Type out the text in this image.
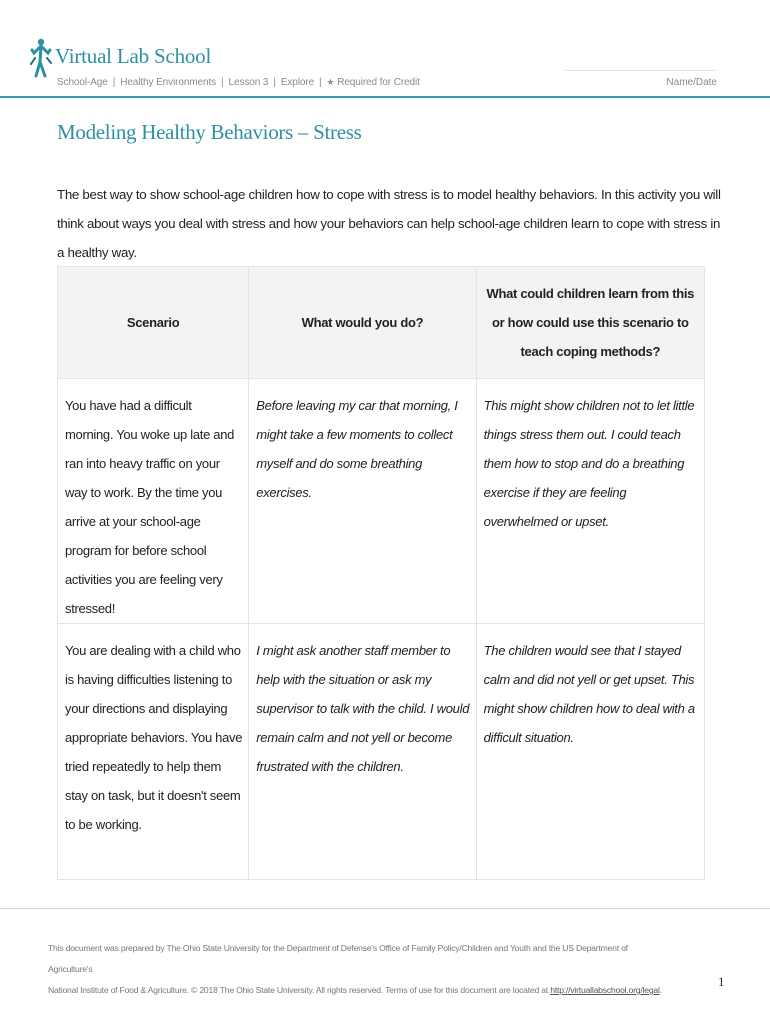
Virtual Lab School
School-Age | Healthy Environments | Lesson 3 | Explore | ★ Required for Credit	Name/Date
Modeling Healthy Behaviors – Stress
The best way to show school-age children how to cope with stress is to model healthy behaviors. In this activity you will think about ways you deal with stress and how your behaviors can help school-age children learn to cope with stress in a healthy way.
Scenario	What would you do?	What could children learn from this or how could use this scenario to teach coping methods?
You have had a difficult morning. You woke up late and ran into heavy traffic on your way to work. By the time you arrive at your school-age program for before school activities you are feeling very stressed!	Before leaving my car that morning, I might take a few moments to collect myself and do some breathing exercises.	This might show children not to let little things stress them out. I could teach them how to stop and do a breathing exercise if they are feeling overwhelmed or upset.
You are dealing with a child who is having difficulties listening to your directions and displaying appropriate behaviors. You have tried repeatedly to help them stay on task, but it doesn't seem to be working.	I might ask another staff member to help with the situation or ask my supervisor to talk with the child. I would remain calm and not yell or become frustrated with the children.	The children would see that I stayed calm and did not yell or get upset. This might show children how to deal with a difficult situation.
This document was prepared by The Ohio State University for the Department of Defense's Office of Family Policy/Children and Youth and the US Department of Agriculture's
National Institute of Food & Agriculture. © 2018 The Ohio State University. All rights reserved. Terms of use for this document are located at http://virtuallabschool.org/legal.
1
